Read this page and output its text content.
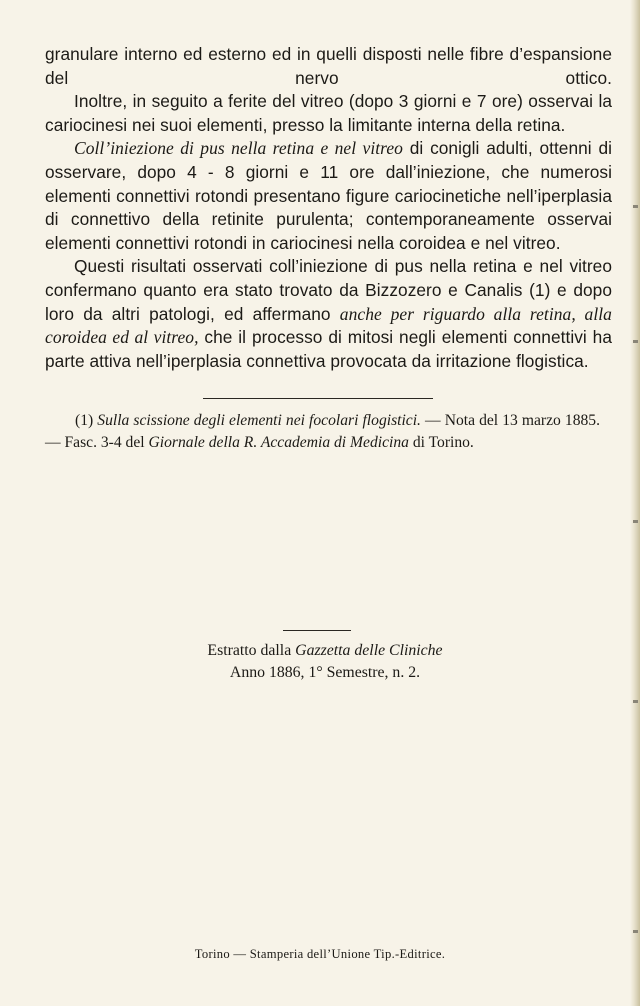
granulare interno ed esterno ed in quelli disposti nelle fibre d’espansione del nervo ottico.

Inoltre, in seguito a ferite del vitreo (dopo 3 giorni e 7 ore) osservai la cariocinesi nei suoi elementi, presso la limitante interna della retina.

Coll’iniezione di pus nella retina e nel vitreo di conigli adulti, ottenni di osservare, dopo 4 - 8 giorni e 11 ore dall’iniezione, che numerosi elementi connettivi rotondi presentano figure cariocinetiche nell’iperplasia di connettivo della retinite purulenta; contemporaneamente osservai elementi connettivi rotondi in cariocinesi nella coroidea e nel vitreo.

Questi risultati osservati coll’iniezione di pus nella retina e nel vitreo confermano quanto era stato trovato da Bizzozero e Canalis (1) e dopo loro da altri patologi, ed affermano anche per riguardo alla retina, alla coroidea ed al vitreo, che il processo di mitosi negli elementi connettivi ha parte attiva nell’iperplasia connettiva provocata da irritazione flogistica.

(1) Sulla scissione degli elementi nei focolari flogistici. — Nota del 13 marzo 1885. — Fasc. 3-4 del Giornale della R. Accademia di Medicina di Torino.

Estratto dalla Gazzetta delle Cliniche
Anno 1886, 1° Semestre, n. 2.
Torino — Stamperia dell’Unione Tip.-Editrice.
